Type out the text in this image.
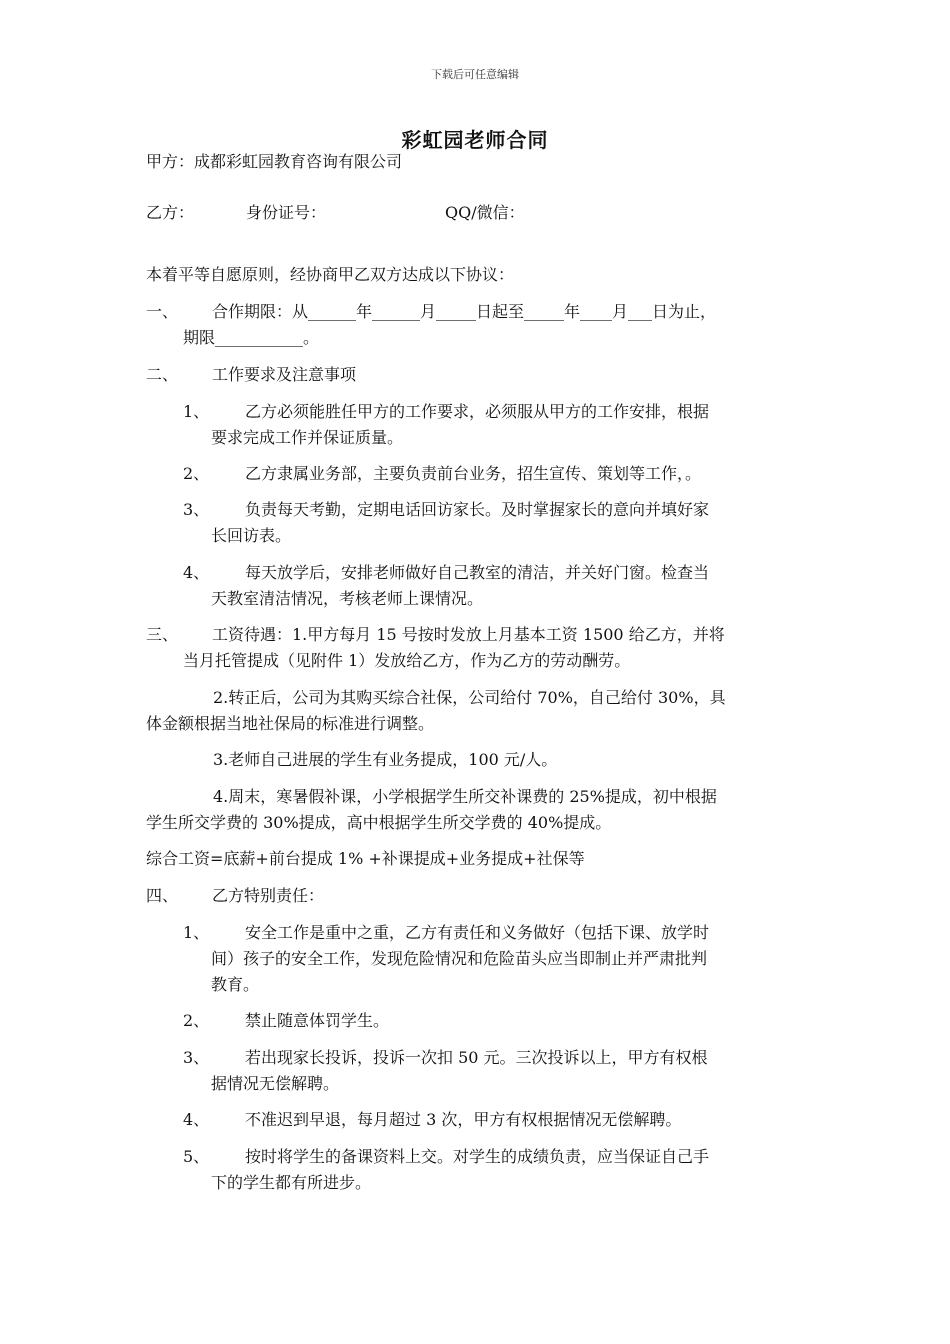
下载后可任意编辑
彩虹园老师合同
甲方：成都彩虹园教育咨询有限公司
乙方：	身份证号：	QQ/微信：
本着平等自愿原则，经协商甲乙双方达成以下协议：
一、 合作期限：从______年______月_____日起至_____年____月___日为止，
期限___________。
二、 工作要求及注意事项
1、 乙方必须能胜任甲方的工作要求，必须服从甲方的工作安排，根据
要求完成工作并保证质量。
2、 乙方隶属业务部，主要负责前台业务，招生宣传、策划等工作，。
3、 负责每天考勤，定期电话回访家长。及时掌握家长的意向并填好家
长回访表。
4、 每天放学后，安排老师做好自己教室的清洁，并关好门窗。检查当
天教室清洁情况，考核老师上课情况。
三、 工资待遇：1.甲方每月 15 号按时发放上月基本工资 1500 给乙方，并将
当月托管提成（见附件 1）发放给乙方，作为乙方的劳动酬劳。
2.转正后，公司为其购买综合社保，公司给付 70%，自己给付 30%，具
体金额根据当地社保局的标准进行调整。
3.老师自己进展的学生有业务提成，100 元/人。
4.周末，寒暑假补课，小学根据学生所交补课费的 25%提成，初中根据
学生所交学费的 30%提成，高中根据学生所交学费的 40%提成。
综合工资=底薪+前台提成 1% +补课提成+业务提成+社保等
四、 乙方特别责任：
1、 安全工作是重中之重，乙方有责任和义务做好（包括下课、放学时
间）孩子的安全工作，发现危险情况和危险苗头应当即制止并严肃批判
教育。
2、 禁止随意体罚学生。
3、 若出现家长投诉，投诉一次扣 50 元。三次投诉以上，甲方有权根
据情况无偿解聘。
4、 不准迟到早退，每月超过 3 次，甲方有权根据情况无偿解聘。
5、 按时将学生的备课资料上交。对学生的成绩负责，应当保证自己手
下的学生都有所进步。
